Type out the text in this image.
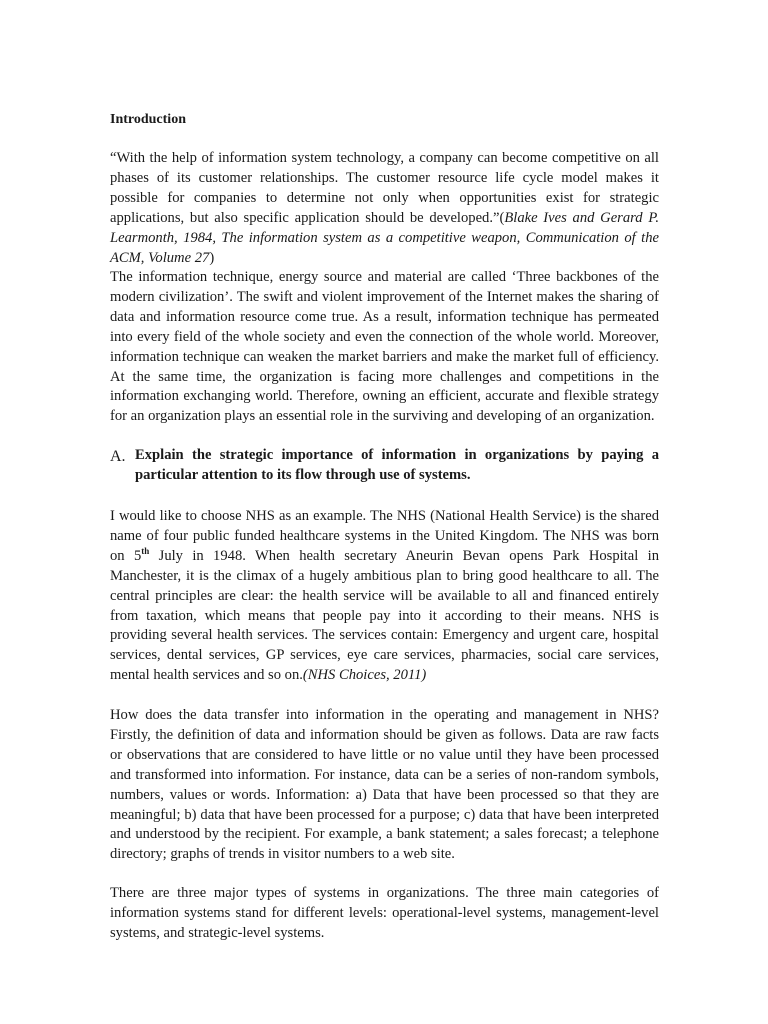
Introduction
“With the help of information system technology, a company can become competitive on all phases of its customer relationships. The customer resource life cycle model makes it possible for companies to determine not only when opportunities exist for strategic applications, but also specific application should be developed.”(Blake Ives and Gerard P. Learmonth, 1984, The information system as a competitive weapon, Communication of the ACM, Volume 27)
The information technique, energy source and material are called ‘Three backbones of the modern civilization’. The swift and violent improvement of the Internet makes the sharing of data and information resource come true. As a result, information technique has permeated into every field of the whole society and even the connection of the whole world. Moreover, information technique can weaken the market barriers and make the market full of efficiency. At the same time, the organization is facing more challenges and competitions in the information exchanging world. Therefore, owning an efficient, accurate and flexible strategy for an organization plays an essential role in the surviving and developing of an organization.
A. Explain the strategic importance of information in organizations by paying a particular attention to its flow through use of systems.
I would like to choose NHS as an example. The NHS (National Health Service) is the shared name of four public funded healthcare systems in the United Kingdom. The NHS was born on 5th July in 1948. When health secretary Aneurin Bevan opens Park Hospital in Manchester, it is the climax of a hugely ambitious plan to bring good healthcare to all. The central principles are clear: the health service will be available to all and financed entirely from taxation, which means that people pay into it according to their means. NHS is providing several health services. The services contain: Emergency and urgent care, hospital services, dental services, GP services, eye care services, pharmacies, social care services, mental health services and so on.(NHS Choices, 2011)
How does the data transfer into information in the operating and management in NHS? Firstly, the definition of data and information should be given as follows. Data are raw facts or observations that are considered to have little or no value until they have been processed and transformed into information. For instance, data can be a series of non-random symbols, numbers, values or words. Information: a) Data that have been processed so that they are meaningful; b) data that have been processed for a purpose; c) data that have been interpreted and understood by the recipient. For example, a bank statement; a sales forecast; a telephone directory; graphs of trends in visitor numbers to a web site.
There are three major types of systems in organizations. The three main categories of information systems stand for different levels: operational-level systems, management-level systems, and strategic-level systems.
